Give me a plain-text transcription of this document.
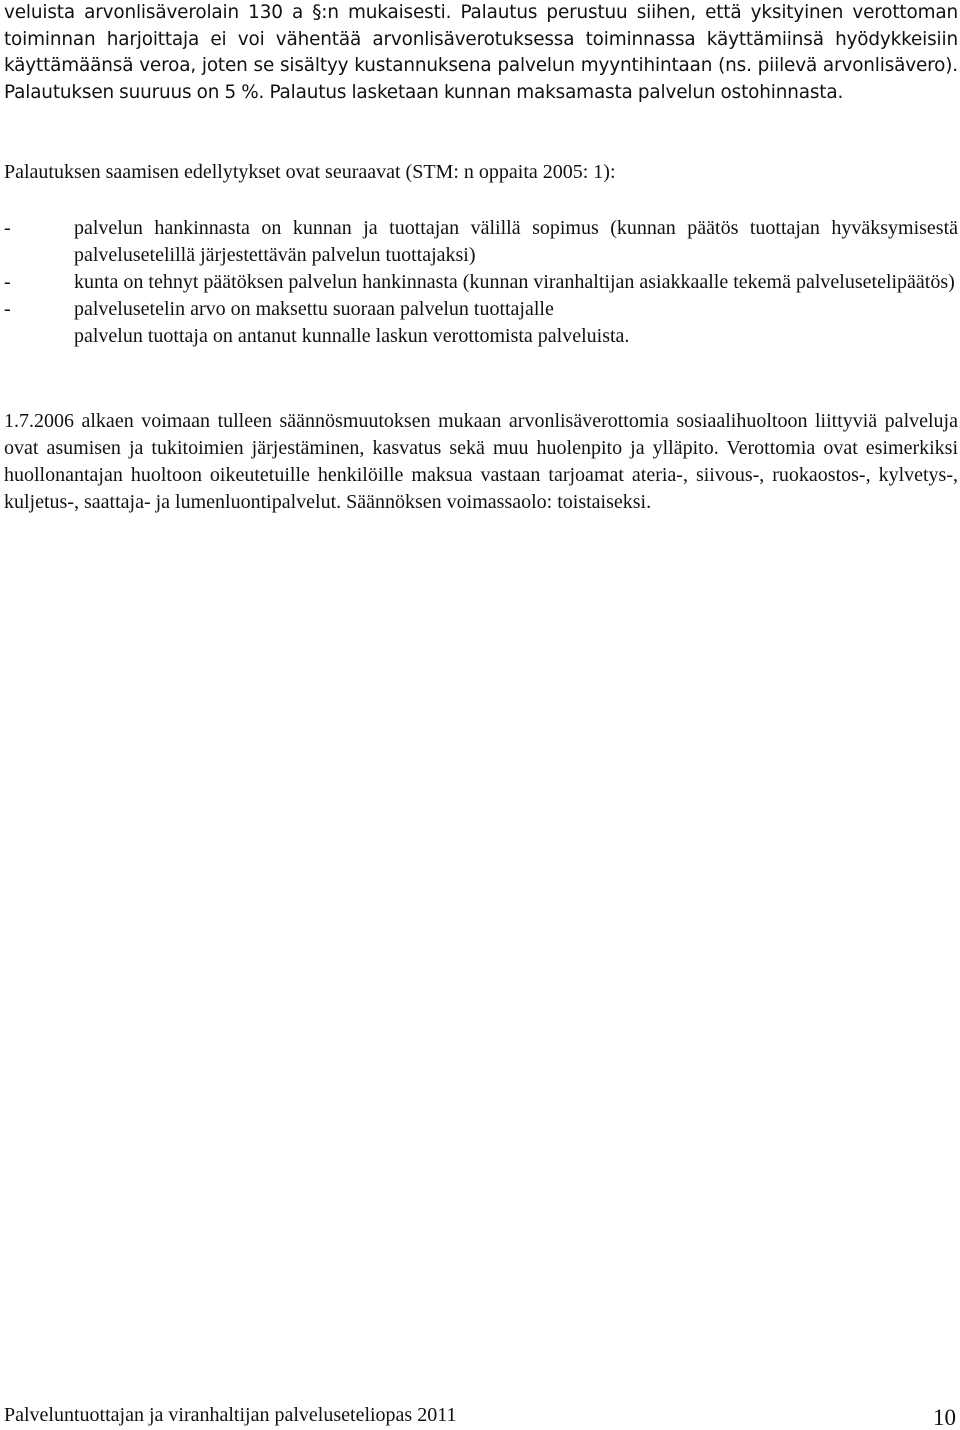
veluista arvonlisäverolain 130 a §:n mukaisesti. Palautus perustuu siihen, että yksityinen verottoman toiminnan harjoittaja ei voi vähentää arvonlisäverotuksessa toiminnassa käyttämiinsä hyödykkeisiin käyttämäänsä veroa, joten se sisältyy kustannuksena palvelun myyntihintaan (ns. piilevä arvonlisävero). Palautuksen suuruus on 5 %. Palautus lasketaan kunnan maksamasta palvelun ostohinnasta.

Palautuksen saamisen edellytykset ovat seuraavat (STM: n oppaita 2005: 1):

-	palvelun hankinnasta on kunnan ja tuottajan välillä sopimus (kunnan päätös tuottajan hyväksymisestä palvelusetelillä järjestettävän palvelun tuottajaksi)
-	kunta on tehnyt päätöksen palvelun hankinnasta (kunnan viranhaltijan asiakkaalle tekemä palvelusetelipäätös)
-	palvelusetelin arvo on maksettu suoraan palvelun tuottajalle
palvelun tuottaja on antanut kunnalle laskun verottomista palveluista.

1.7.2006 alkaen voimaan tulleen säännösmuutoksen mukaan arvonlisäverottomia sosiaalihuoltoon liittyviä palveluja ovat asumisen ja tukitoimien järjestäminen, kasvatus sekä muu huolenpito ja ylläpito. Verottomia ovat esimerkiksi huollonantajan huoltoon oikeutetuille henkilöille maksua vastaan tarjoamat ateria-, siivous-, ruokaostos-, kylvetys-, kuljetus-, saattaja- ja lumenluontipalvelut. Säännöksen voimassaolo: toistaiseksi.

Palveluntuottajan ja viranhaltijan palveluseteliopas 2011	10
